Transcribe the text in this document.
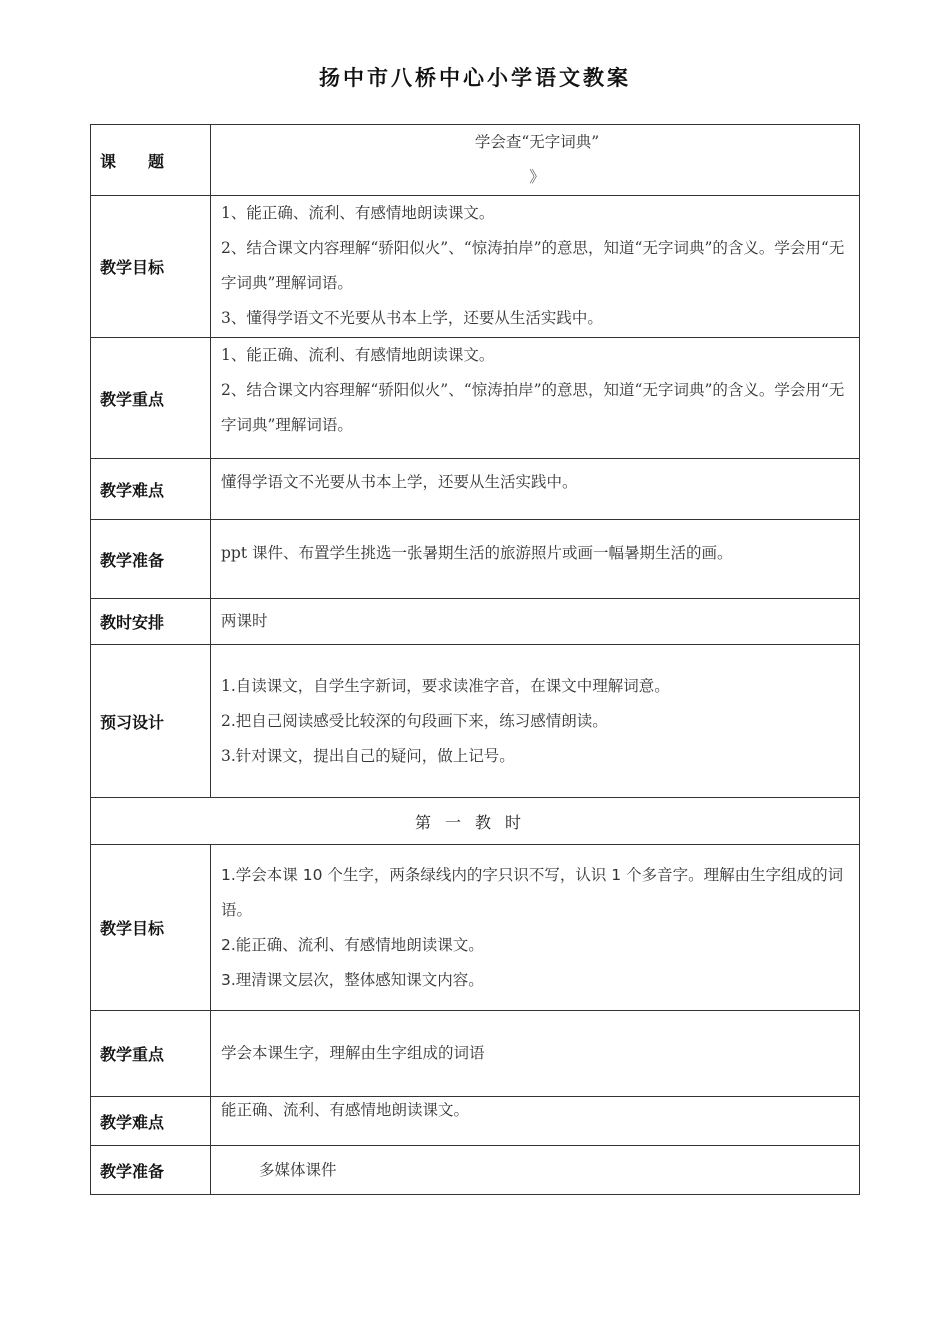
扬中市八桥中心小学语文教案
课　　题	学会查“无字词典”
》

教学目标	1、能正确、流利、有感情地朗读课文。

2、结合课文内容理解“骄阳似火”、“惊涛拍岸”的意思，知道“无字词典”的含义。学会用“无字词典”理解词语。

3、懂得学语文不光要从书本上学，还要从生活实践中。

教学重点	1、能正确、流利、有感情地朗读课文。

2、结合课文内容理解“骄阳似火”、“惊涛拍岸”的意思，知道“无字词典”的含义。学会用“无字词典”理解词语。

教学难点	懂得学语文不光要从书本上学，还要从生活实践中。
教学准备	ppt 课件、布置学生挑选一张暑期生活的旅游照片或画一幅暑期生活的画。
教时安排	两课时
预习设计	1.自读课文，自学生字新词，要求读准字音，在课文中理解词意。

2.把自己阅读感受比较深的句段画下来，练习感情朗读。

3.针对课文，提出自己的疑问，做上记号。

第一教时	
教学目标	1.学会本课 10 个生字，两条绿线内的字只识不写，认识 1 个多音字。理解由生字组成的词语。

2.能正确、流利、有感情地朗读课文。

3.理清课文层次，整体感知课文内容。

教学重点	学会本课生字，理解由生字组成的词语
教学难点	能正确、流利、有感情地朗读课文。
教学准备	多媒体课件
